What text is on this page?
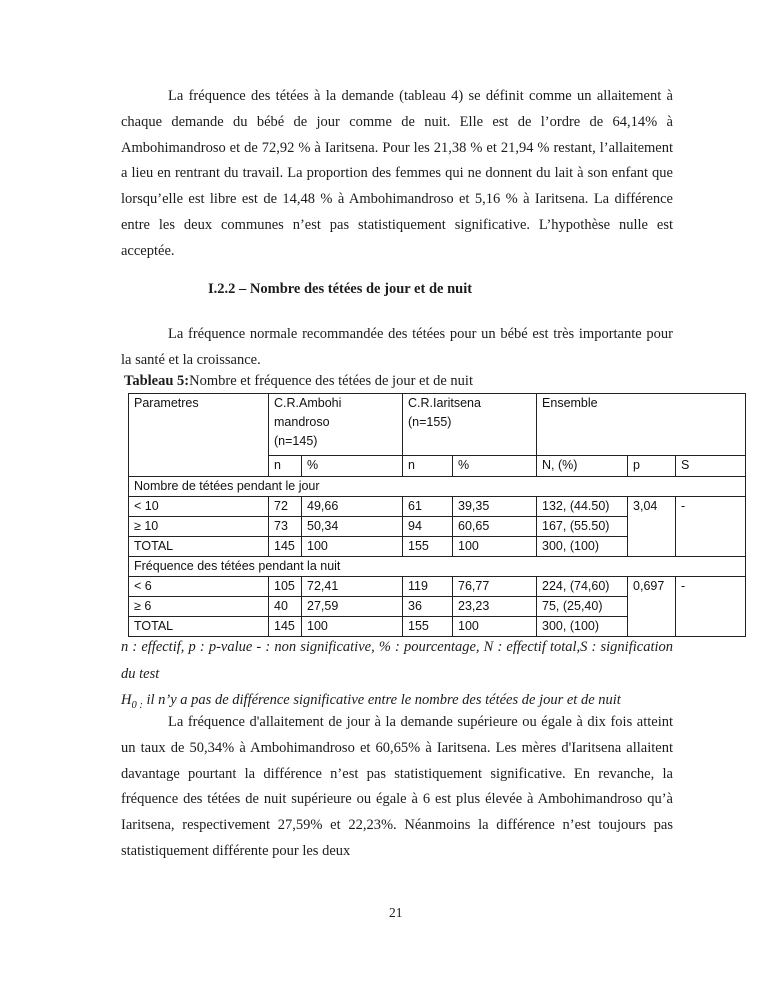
La fréquence des tétées à la demande (tableau 4) se définit comme un allaitement à chaque demande du bébé de jour comme de nuit. Elle est de l’ordre de 64,14% à Ambohimandroso et de 72,92 % à Iaritsena. Pour les 21,38 % et 21,94 % restant, l’allaitement a lieu en rentrant du travail. La proportion des femmes qui ne donnent du lait à son enfant que lorsqu’elle est libre est de 14,48 % à Ambohimandroso et 5,16 % à Iaritsena. La différence entre les deux communes n’est pas statistiquement significative. L’hypothèse nulle est acceptée.

I.2.2 – Nombre des tétées de jour et de nuit

La fréquence normale recommandée des tétées pour un bébé est très importante pour la santé et la croissance.

Tableau 5:Nombre et fréquence des tétées de jour et de nuit

Parametres	C.R.Ambohi
mandroso
(n=145)		C.R.Iaritsena
(n=155)		Ensemble		
	n	%	n	%	N, (%)	p	S
Nombre de tétées pendant le jour							
< 10	72	49,66	61	39,35	132, (44.50)	3,04	-
≥ 10	73	50,34	94	60,65	167, (55.50)		
TOTAL	145	100	155	100	300, (100)		
Fréquence des tétées pendant la nuit							
< 6	105	72,41	119	76,77	224, (74,60)	0,697	-
≥ 6	40	27,59	36	23,23	75, (25,40)		
TOTAL	145	100	155	100	300, (100)		

n : effectif, p : p-value - : non significative, % : pourcentage, N : effectif total,S : signification du test

$H_{0 :}$ il n’y a pas de différence significative entre le nombre des tétées de jour et de nuit

La fréquence d'allaitement de jour à la demande supérieure ou égale à dix fois atteint un taux de 50,34% à Ambohimandroso et 60,65% à Iaritsena. Les mères d'Iaritsena allaitent davantage pourtant la différence n’est pas statistiquement significative. En revanche, la fréquence des tétées de nuit supérieure ou égale à 6 est plus élevée à Ambohimandroso qu’à Iaritsena, respectivement 27,59% et 22,23%. Néanmoins la différence n’est toujours pas statistiquement différente pour les deux

21
